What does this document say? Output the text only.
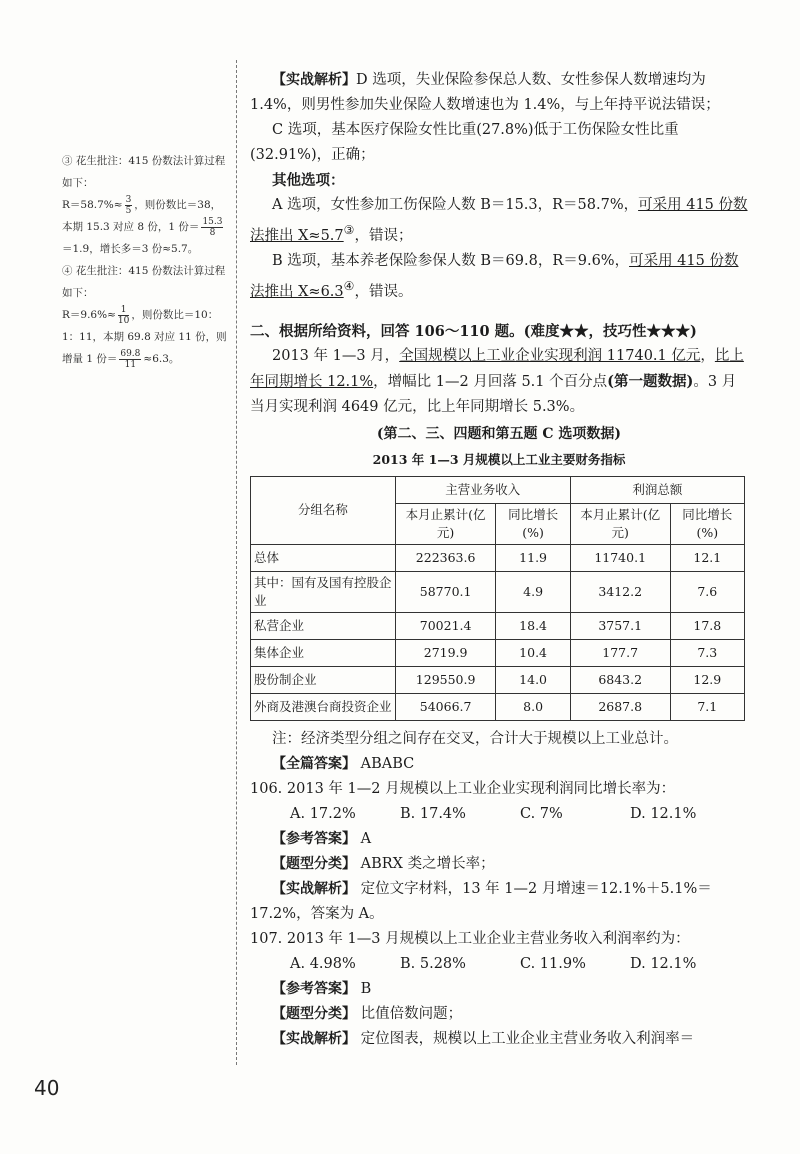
③ 花生批注：415 份数法计算过程如下：
$R=58.7\%\approx \frac{3}{5}$ ，则份数比＝38，本期 15.3 对应 8 份，1 份＝ $\frac{15.3}{8}$
＝1.9，增长多＝3 份≈5.7。
④ 花生批注：415 份数法计算过程如下：
$R=9.6\%\approx \frac{1}{10}$ ，则份数比＝10：1：11，本期 69.8 对应 11 份，则增量 1 份＝ $\frac{69.8}{11} \approx 6.3$。

【实战解析】D 选项，失业保险参保总人数、女性参保人数增速均为 1.4%，则男性参加失业保险人数增速也为 1.4%，与上年持平说法错误；

C 选项，基本医疗保险女性比重(27.8%)低于工伤保险女性比重(32.91%)，正确；

其他选项：

A 选项，女性参加工伤保险人数 B＝15.3，R＝58.7%，可采用 415 份数法推出 X≈5.7③，错误；

B 选项，基本养老保险参保人数 B＝69.8，R＝9.6%，可采用 415 份数法推出 X≈6.3④，错误。

二、根据所给资料，回答 106～110 题。(难度★★，技巧性★★★)

2013 年 1—3 月，全国规模以上工业企业实现利润 11740.1 亿元，比上年同期增长 12.1%，增幅比 1—2 月回落 5.1 个百分点(第一题数据)。3 月当月实现利润 4649 亿元，比上年同期增长 5.3%。

(第二、三、四题和第五题 C 选项数据)

2013 年 1—3 月规模以上工业主要财务指标

分组名称	主营业务收入		利润总额	
	本月止累计(亿元)	同比增长(%)	本月止累计(亿元)	同比增长(%)
总体	222363.6	11.9	11740.1	12.1
其中：国有及国有控股企业	58770.1	4.9	3412.2	7.6
私营企业	70021.4	18.4	3757.1	17.8
集体企业	2719.9	10.4	177.7	7.3
股份制企业	129550.9	14.0	6843.2	12.9
外商及港澳台商投资企业	54066.7	8.0	2687.8	7.1

注：经济类型分组之间存在交叉，合计大于规模以上工业总计。

【全篇答案】 ABABC

106. 2013 年 1—2 月规模以上工业企业实现利润同比增长率为：

A. 17.2%	B. 17.4%	C. 7%	D. 12.1%

【参考答案】 A

【题型分类】 ABRX 类之增长率；

【实战解析】 定位文字材料，13 年 1—2 月增速＝12.1%＋5.1%＝17.2%，答案为 A。

107. 2013 年 1—3 月规模以上工业企业主营业务收入利润率约为：

A. 4.98%	B. 5.28%	C. 11.9%	D. 12.1%

【参考答案】 B

【题型分类】 比值倍数问题；

【实战解析】 定位图表，规模以上工业企业主营业务收入利润率＝

40
